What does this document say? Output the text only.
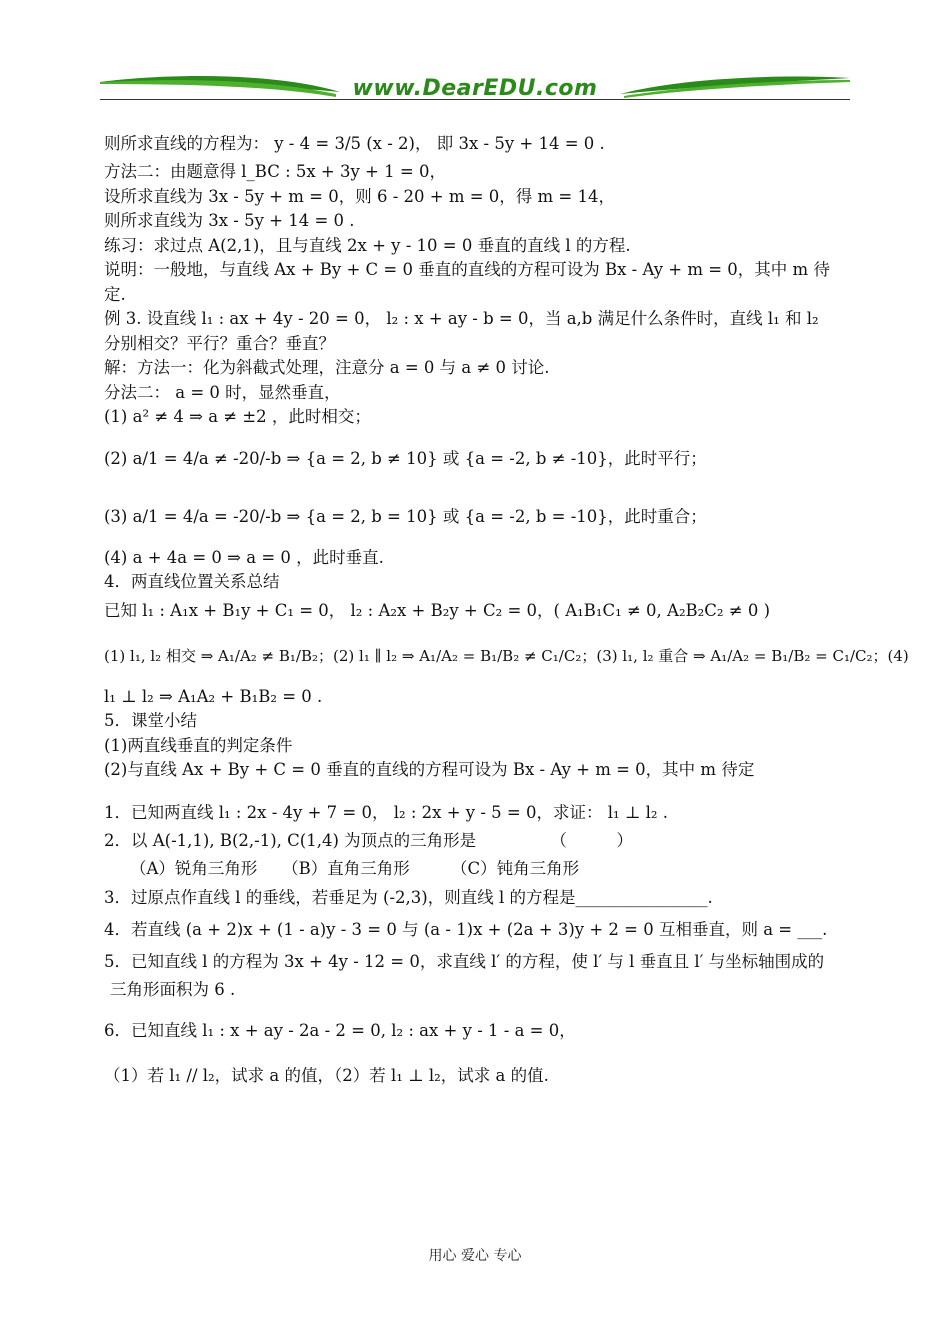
www.DearEDU.com
则所求直线的方程为： y - 4 = 3/5 (x - 2)， 即 3x - 5y + 14 = 0 .
方法二：由题意得 l_BC : 5x + 3y + 1 = 0，
设所求直线为 3x - 5y + m = 0，则 6 - 20 + m = 0，得 m = 14，
则所求直线为 3x - 5y + 14 = 0 .
练习：求过点 A(2,1)，且与直线 2x + y - 10 = 0 垂直的直线 l 的方程.
说明：一般地，与直线 Ax + By + C = 0 垂直的直线的方程可设为 Bx - Ay + m = 0，其中 m 待定.
例 3. 设直线 l₁ : ax + 4y - 20 = 0， l₂ : x + ay - b = 0，当 a,b 满足什么条件时，直线 l₁ 和 l₂
分别相交？平行？重合？垂直？
解：方法一：化为斜截式处理，注意分 a = 0 与 a ≠ 0 讨论.
分法二： a = 0 时，显然垂直，
(1) a² ≠ 4 ⇒ a ≠ ±2 ，此时相交；
(2) a/1 = 4/a ≠ -20/-b ⇒ {a = 2, b ≠ 10} 或 {a = -2, b ≠ -10}，此时平行；
(3) a/1 = 4/a = -20/-b ⇒ {a = 2, b = 10} 或 {a = -2, b = -10}，此时重合；
(4) a + 4a = 0 ⇒ a = 0 ，此时垂直.
4．两直线位置关系总结
已知 l₁ : A₁x + B₁y + C₁ = 0， l₂ : A₂x + B₂y + C₂ = 0，( A₁B₁C₁ ≠ 0, A₂B₂C₂ ≠ 0 )
(1) l₁, l₂ 相交 ⇒ A₁/A₂ ≠ B₁/B₂；(2) l₁ ∥ l₂ ⇒ A₁/A₂ = B₁/B₂ ≠ C₁/C₂；(3) l₁, l₂ 重合 ⇒ A₁/A₂ = B₁/B₂ = C₁/C₂；(4)
l₁ ⊥ l₂ ⇒ A₁A₂ + B₁B₂ = 0 .
5．课堂小结
(1)两直线垂直的判定条件
(2)与直线 Ax + By + C = 0 垂直的直线的方程可设为 Bx - Ay + m = 0，其中 m 待定
1．已知两直线 l₁ : 2x - 4y + 7 = 0， l₂ : 2x + y - 5 = 0，求证： l₁ ⊥ l₂ .
2．以 A(-1,1), B(2,-1), C(1,4) 为顶点的三角形是　　　　　（　　　）
（A）锐角三角形　　（B）直角三角形　　　（C）钝角三角形
3．过原点作直线 l 的垂线，若垂足为 (-2,3)，则直线 l 的方程是________________.
4．若直线 (a + 2)x + (1 - a)y - 3 = 0 与 (a - 1)x + (2a + 3)y + 2 = 0 互相垂直，则 a = ___.
5．已知直线 l 的方程为 3x + 4y - 12 = 0，求直线 l′ 的方程，使 l′ 与 l 垂直且 l′ 与坐标轴围成的
三角形面积为 6 .
6．已知直线 l₁ : x + ay - 2a - 2 = 0, l₂ : ax + y - 1 - a = 0，
（1）若 l₁ // l₂，试求 a 的值，（2）若 l₁ ⊥ l₂，试求 a 的值.
用心 爱心 专心
